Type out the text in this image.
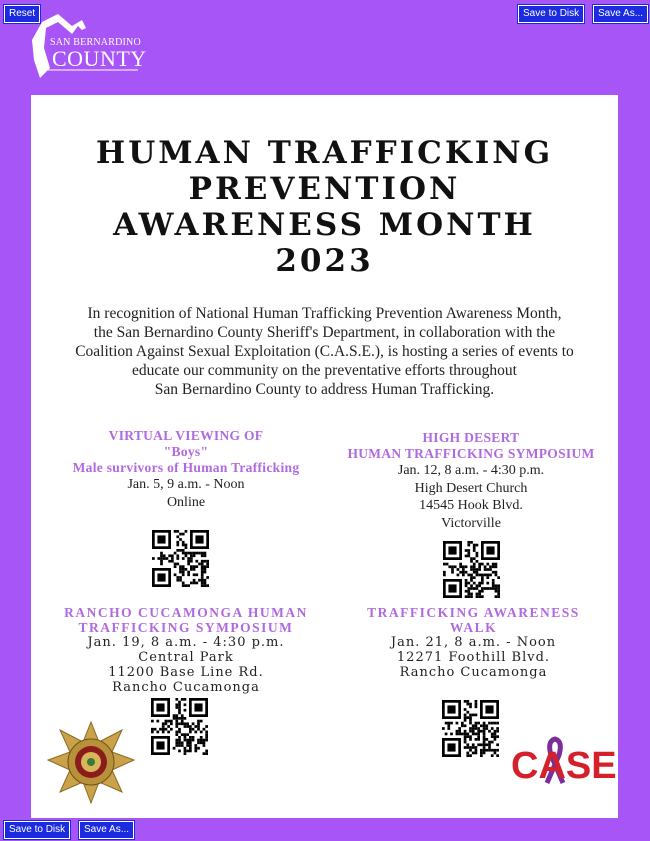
Reset	Save to Disk	Save As...
SAN BERNARDINO
COUNTY
HUMAN TRAFFICKING
PREVENTION
AWARENESS MONTH
2023
In recognition of National Human Trafficking Prevention Awareness Month,
the San Bernardino County Sheriff's Department, in collaboration with the
Coalition Against Sexual Exploitation (C.A.S.E.), is hosting a series of events to
educate our community on the preventative efforts throughout
San Bernardino County to address Human Trafficking.
VIRTUAL VIEWING OF
"Boys"
Male survivors of Human Trafficking
Jan. 5, 9 a.m. - Noon
Online
HIGH DESERT
HUMAN TRAFFICKING SYMPOSIUM
Jan. 12, 8 a.m. - 4:30 p.m.
High Desert Church
14545 Hook Blvd.
Victorville
RANCHO CUCAMONGA HUMAN
TRAFFICKING SYMPOSIUM
Jan. 19, 8 a.m. - 4:30 p.m.
Central Park
11200 Base Line Rd.
Rancho Cucamonga
TRAFFICKING AWARENESS
WALK
Jan. 21, 8 a.m. - Noon
12271 Foothill Blvd.
Rancho Cucamonga
CASE
Save to Disk	Save As...
